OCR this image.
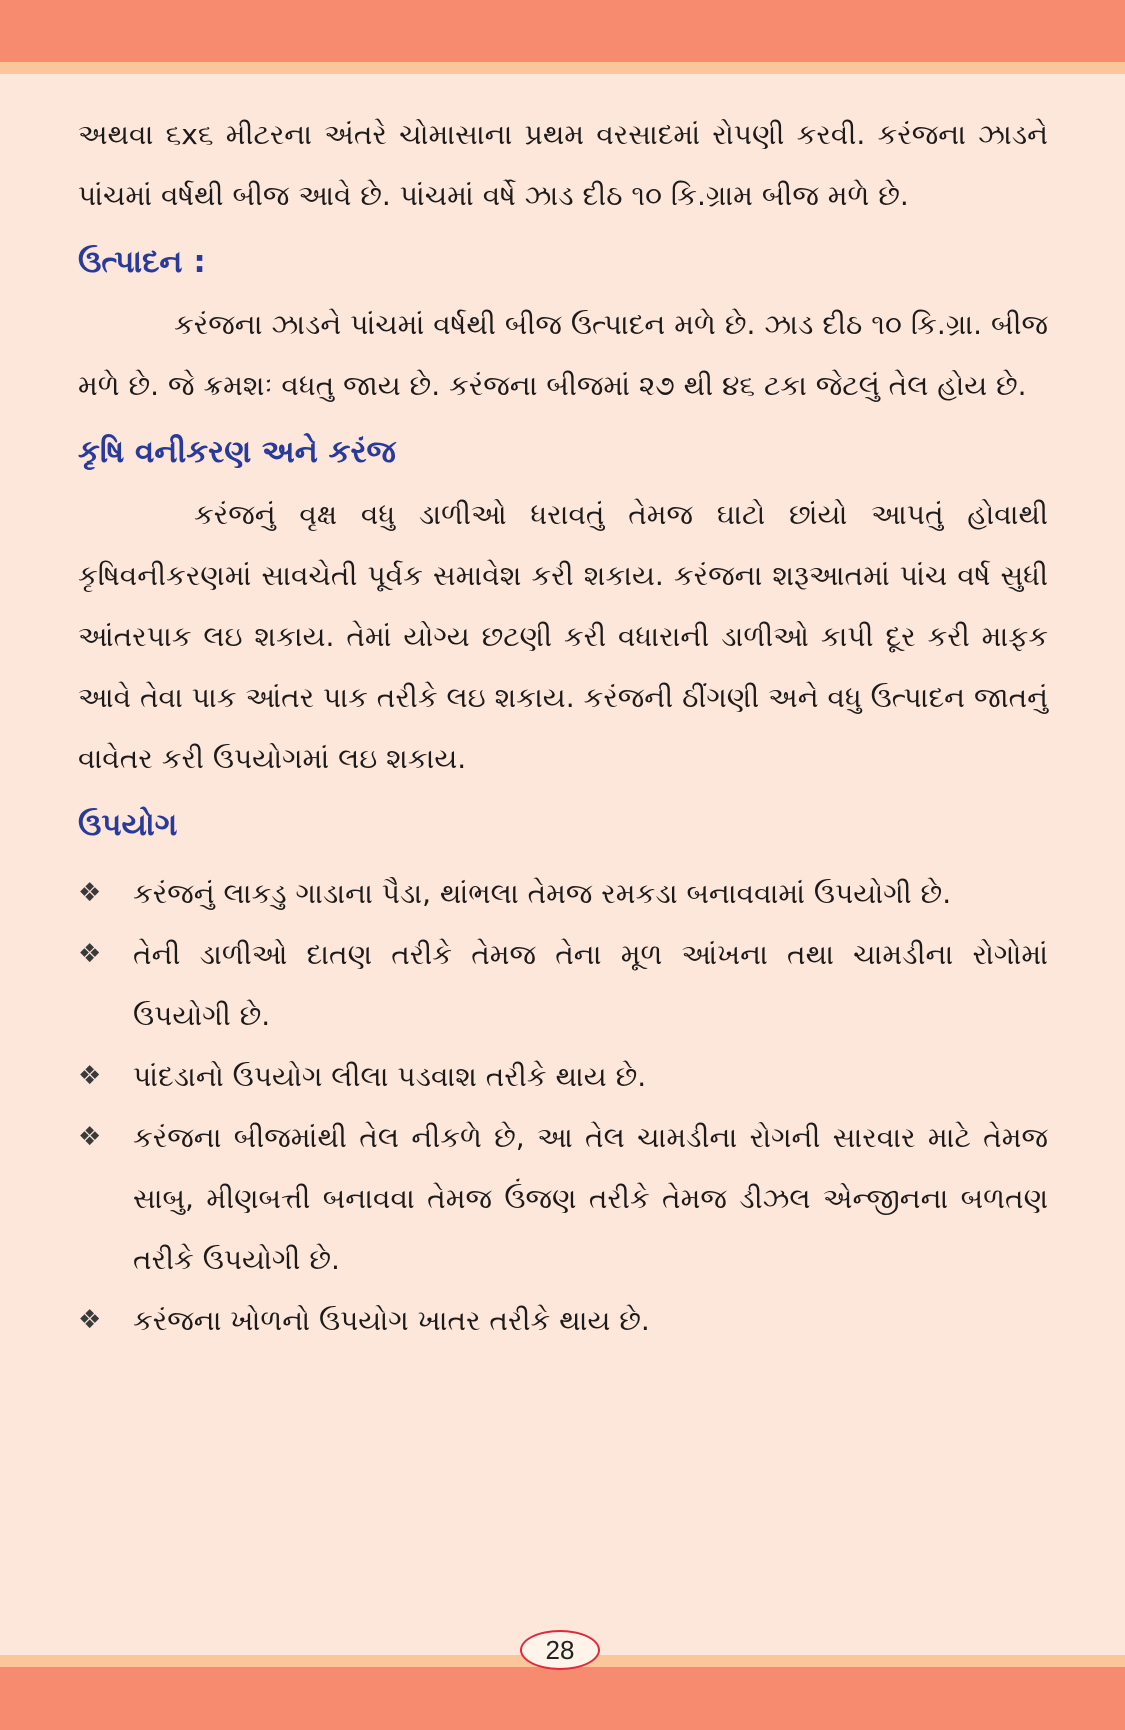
અથવા ૬x૬ મીટરના અંતરે ચોમાસાના પ્રથમ વરસાદમાં રોપણી કરવી. કરંજના ઝાડને પાંચમાં વર્ષથી બીજ આવે છે. પાંચમાં વર્ષે ઝાડ દીઠ ૧૦ કિ.ગ્રામ બીજ મળે છે.

ઉત્પાદન :

કરંજના ઝાડને પાંચમાં વર્ષથી બીજ ઉત્પાદન મળે છે. ઝાડ દીઠ ૧૦ કિ.ગ્રા. બીજ મળે છે. જે ક્રમશઃ વધતુ જાય છે. કરંજના બીજમાં ૨૭ થી ૪૬ ટકા જેટલું તેલ હોય છે.

કૃષિ વનીકરણ અને કરંજ

કરંજનું વૃક્ષ વધુ ડાળીઓ ધરાવતું તેમજ ઘાટો છાંયો આપતું હોવાથી કૃષિવનીકરણમાં સાવચેતી પૂર્વક સમાવેશ કરી શકાય. કરંજના શરૂઆતમાં પાંચ વર્ષ સુધી આંતરપાક લઇ શકાય. તેમાં યોગ્ય છટણી કરી વધારાની ડાળીઓ કાપી દૂર કરી માફક આવે તેવા પાક આંતર પાક તરીકે લઇ શકાય. કરંજની ઠીંગણી અને વધુ ઉત્પાદન જાતનું વાવેતર કરી ઉપયોગમાં લઇ શકાય.

ઉપયોગ
❖	કરંજનું લાકડુ ગાડાના પૈડા, થાંભલા તેમજ રમકડા બનાવવામાં ઉપયોગી છે.
❖	તેની ડાળીઓ દાતણ તરીકે તેમજ તેના મૂળ આંખના તથા ચામડીના રોગોમાં ઉપયોગી છે.
❖	પાંદડાનો ઉપયોગ લીલા પડવાશ તરીકે થાય છે.
❖	કરંજના બીજમાંથી તેલ નીકળે છે, આ તેલ ચામડીના રોગની સારવાર માટે તેમજ સાબુ, મીણબત્તી બનાવવા તેમજ ઉંજણ તરીકે તેમજ ડીઝલ એન્જીનના બળતણ તરીકે ઉપયોગી છે.
❖	કરંજના ખોળનો ઉપયોગ ખાતર તરીકે થાય છે.
28
